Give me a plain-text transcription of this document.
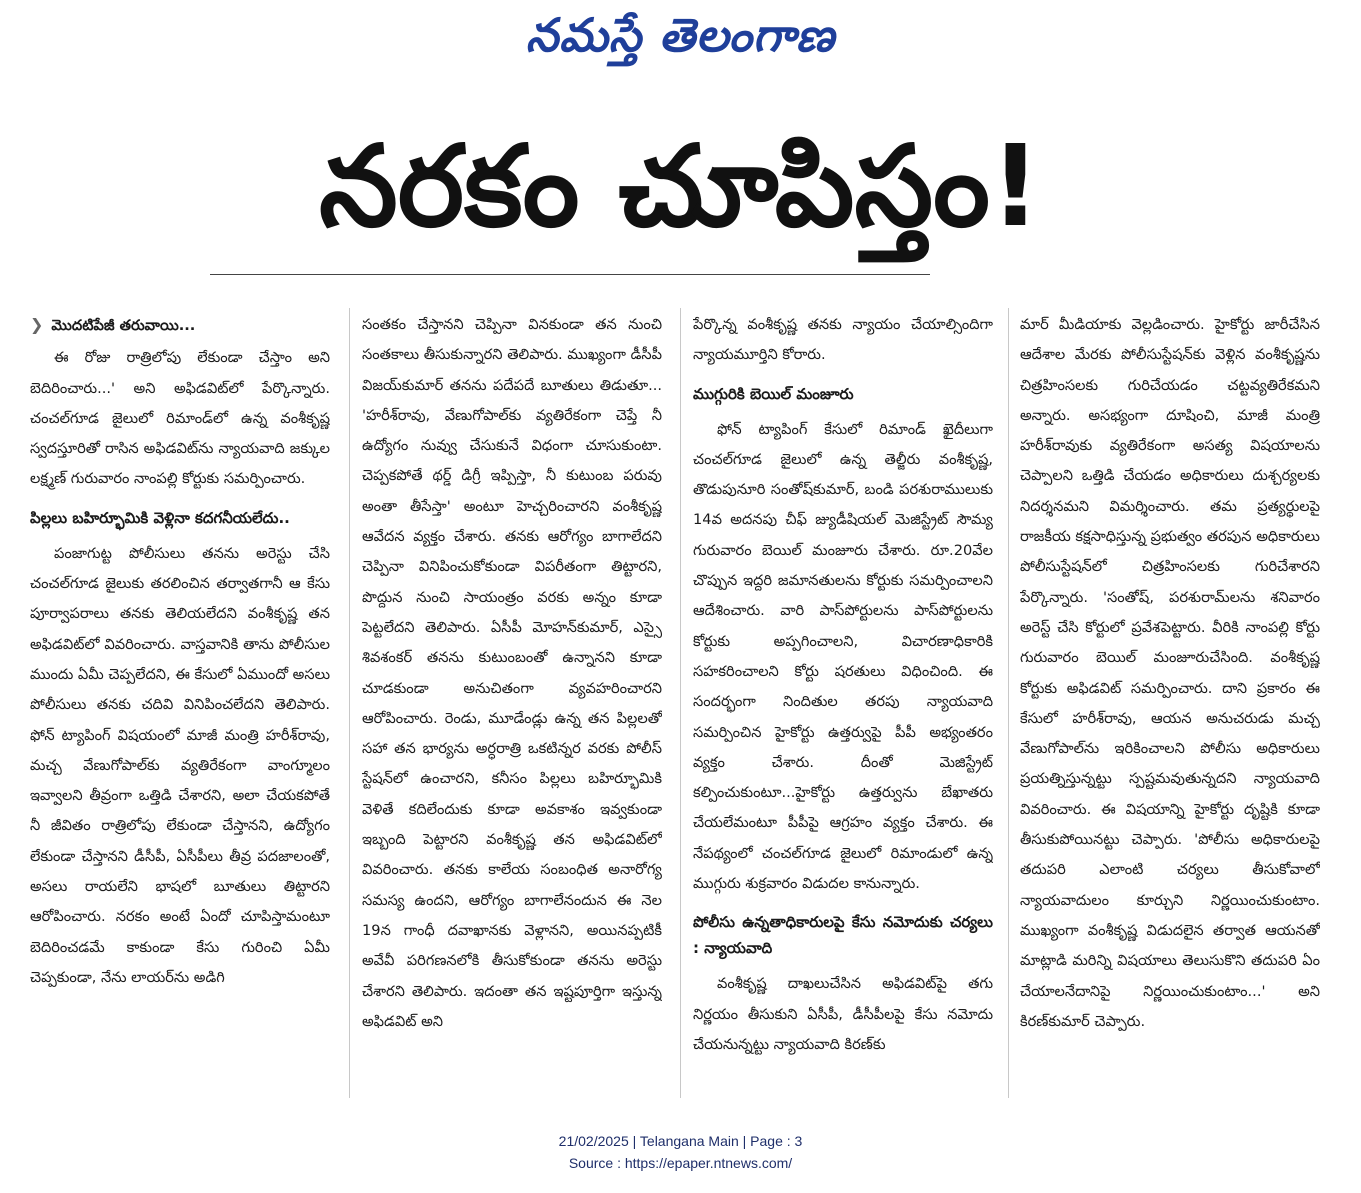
నమస్తే తెలంగాణ
నరకం చూపిస్తం!
❯ మొదటిపేజీ తరువాయి...

ఈ రోజు రాత్రిలోపు లేకుండా చేస్తాం అని బెదిరించారు...' అని అఫిడవిట్‌లో పేర్కొన్నారు. చంచల్‌గూడ జైలులో రిమాండ్‌లో ఉన్న వంశీకృష్ణ స్వదస్తూరితో రాసిన అఫిడవిట్‌ను న్యాయవాది జక్కుల లక్ష్మణ్ గురువారం నాంపల్లి కోర్టుకు సమర్పించారు.

పిల్లలు బహిర్భూమికి వెళ్లినా కదగనీయలేదు..

పంజాగుట్ట పోలీసులు తనను అరెస్టు చేసి చంచల్‌గూడ జైలుకు తరలించిన తర్వాతగానీ ఆ కేసు పూర్వాపరాలు తనకు తెలియలేదని వంశీకృష్ణ తన అఫిడవిట్‌లో వివరించారు. వాస్తవానికి తాను పోలీసుల ముందు ఏమీ చెప్పలేదని, ఈ కేసులో ఏముందో అసలు పోలీసులు తనకు చదివి వినిపించలేదని తెలిపారు. ఫోన్ ట్యాపింగ్ విషయంలో మాజీ మంత్రి హరీశ్‌రావు, మచ్చ వేణుగోపాల్‌కు వ్యతిరేకంగా వాంగ్మూలం ఇవ్వాలని తీవ్రంగా ఒత్తిడి చేశారని, అలా చేయకపోతే నీ జీవితం రాత్రిలోపు లేకుండా చేస్తానని, ఉద్యోగం లేకుండా చేస్తానని డీసీపీ, ఏసీపీలు తీవ్ర పదజాలంతో, అసలు రాయలేని భాషలో బూతులు తిట్టారని ఆరోపించారు. నరకం అంటే ఏందో చూపిస్తామంటూ బెదిరించడమే కాకుండా కేసు గురించి ఏమీ చెప్పకుండా, నేను లాయర్‌ను అడిగి

సంతకం చేస్తానని చెప్పినా వినకుండా తన నుంచి సంతకాలు తీసుకున్నారని తెలిపారు. ముఖ్యంగా డీసీపీ విజయ్‌కుమార్ తనను పదేపదే బూతులు తిడుతూ... 'హరీశ్‌రావు, వేణుగోపాల్‌కు వ్యతిరేకంగా చెప్తే నీ ఉద్యోగం నువ్వు చేసుకునే విధంగా చూసుకుంటా. చెప్పకపోతే థర్డ్ డిగ్రీ ఇప్పిస్తా, నీ కుటుంబ పరువు అంతా తీసేస్తా' అంటూ హెచ్చరించారని వంశీకృష్ణ ఆవేదన వ్యక్తం చేశారు. తనకు ఆరోగ్యం బాగాలేదని చెప్పినా వినిపించుకోకుండా విపరీతంగా తిట్టారని, పొద్దున నుంచి సాయంత్రం వరకు అన్నం కూడా పెట్టలేదని తెలిపారు. ఏసీపీ మోహన్‌కుమార్, ఎస్సై శివశంకర్ తనను కుటుంబంతో ఉన్నానని కూడా చూడకుండా అనుచితంగా వ్యవహరించారని ఆరోపించారు. రెండు, మూడేండ్లు ఉన్న తన పిల్లలతో సహా తన భార్యను అర్ధరాత్రి ఒకటిన్నర వరకు పోలీస్ స్టేషన్‌లో ఉంచారని, కనీసం పిల్లలు బహిర్భూమికి వెళితే కదిలేందుకు కూడా అవకాశం ఇవ్వకుండా ఇబ్బంది పెట్టారని వంశీకృష్ణ తన అఫిడవిట్‌లో వివరించారు. తనకు కాలేయ సంబంధిత అనారోగ్య సమస్య ఉందని, ఆరోగ్యం బాగాలేనందున ఈ నెల 19న గాంధీ దవాఖానకు వెళ్లానని, అయినప్పటికీ అవేవీ పరిగణనలోకి తీసుకోకుండా తనను అరెస్టు చేశారని తెలిపారు. ఇదంతా తన ఇష్టపూర్తిగా ఇస్తున్న అఫిడవిట్ అని

పేర్కొన్న వంశీకృష్ణ తనకు న్యాయం చేయాల్సిందిగా న్యాయమూర్తిని కోరారు.

ముగ్గురికి బెయిల్ మంజూరు

ఫోన్ ట్యాపింగ్ కేసులో రిమాండ్ ఖైదీలుగా చంచల్‌గూడ జైలులో ఉన్న తెల్జీరు వంశీకృష్ణ, తొడుపునూరి సంతోష్‌కుమార్, బండి పరశురాములుకు 14వ అదనపు చీఫ్ జ్యుడీషియల్ మెజిస్ట్రేట్ సౌమ్య గురువారం బెయిల్ మంజూరు చేశారు. రూ.20వేల చొప్పున ఇద్దరి జమానతులను కోర్టుకు సమర్పించాలని ఆదేశించారు. వారి పాస్‌పోర్టులను పాస్‌పోర్టులను కోర్టుకు అప్పగించాలని, విచారణాధికారికి సహకరించాలని కోర్టు షరతులు విధించింది. ఈ సందర్భంగా నిందితుల తరపు న్యాయవాది సమర్పించిన హైకోర్టు ఉత్తర్వుపై పీపీ అభ్యంతరం వ్యక్తం చేశారు. దీంతో మెజిస్ట్రేట్ కల్పించుకుంటూ...హైకోర్టు ఉత్తర్వును బేఖాతరు చేయలేమంటూ పీపీపై ఆగ్రహం వ్యక్తం చేశారు. ఈ నేపథ్యంలో చంచల్‌గూడ జైలులో రిమాండులో ఉన్న ముగ్గురు శుక్రవారం విడుదల కానున్నారు.

పోలీసు ఉన్నతాధికారులపై కేసు నమోదుకు చర్యలు : న్యాయవాది

వంశీకృష్ణ దాఖలుచేసిన అఫిడవిట్‌పై తగు నిర్ణయం తీసుకుని ఏసీపీ, డీసీపీలపై కేసు నమోదు చేయనున్నట్టు న్యాయవాది కిరణ్‌కు

మార్ మీడియాకు వెల్లడించారు. హైకోర్టు జారీచేసిన ఆదేశాల మేరకు పోలీసుస్టేషన్‌కు వెళ్లిన వంశీకృష్ణను చిత్రహింసలకు గురిచేయడం చట్టవ్యతిరేకమని అన్నారు. అసభ్యంగా దూషించి, మాజీ మంత్రి హరీశ్‌రావుకు వ్యతిరేకంగా అసత్య విషయాలను చెప్పాలని ఒత్తిడి చేయడం అధికారులు దుశ్చర్యలకు నిదర్శనమని విమర్శించారు. తమ ప్రత్యర్థులపై రాజకీయ కక్షసాధిస్తున్న ప్రభుత్వం తరపున అధికారులు పోలీసుస్టేషన్‌లో చిత్రహింసలకు గురిచేశారని పేర్కొన్నారు. 'సంతోష్, పరశురామ్‌లను శనివారం అరెస్ట్ చేసి కోర్టులో ప్రవేశపెట్టారు. వీరికి నాంపల్లి కోర్టు గురువారం బెయిల్ మంజూరుచేసింది. వంశీకృష్ణ కోర్టుకు అఫిడవిట్ సమర్పించారు. దాని ప్రకారం ఈ కేసులో హరీశ్‌రావు, ఆయన అనుచరుడు మచ్చ వేణుగోపాల్‌ను ఇరికించాలని పోలీసు అధికారులు ప్రయత్నిస్తున్నట్టు స్పష్టమవుతున్నదని న్యాయవాది వివరించారు. ఈ విషయాన్ని హైకోర్టు దృష్టికి కూడా తీసుకుపోయినట్టు చెప్పారు. 'పోలీసు అధికారులపై తదుపరి ఎలాంటి చర్యలు తీసుకోవాలో న్యాయవాదులం కూర్చుని నిర్ణయించుకుంటాం. ముఖ్యంగా వంశీకృష్ణ విడుదలైన తర్వాత ఆయనతో మాట్లాడి మరిన్ని విషయాలు తెలుసుకొని తదుపరి ఏం చేయాలనేదానిపై నిర్ణయించుకుంటాం...' అని కిరణ్‌కుమార్ చెప్పారు.

21/02/2025 | Telangana Main | Page : 3
Source : https://epaper.ntnews.com/
